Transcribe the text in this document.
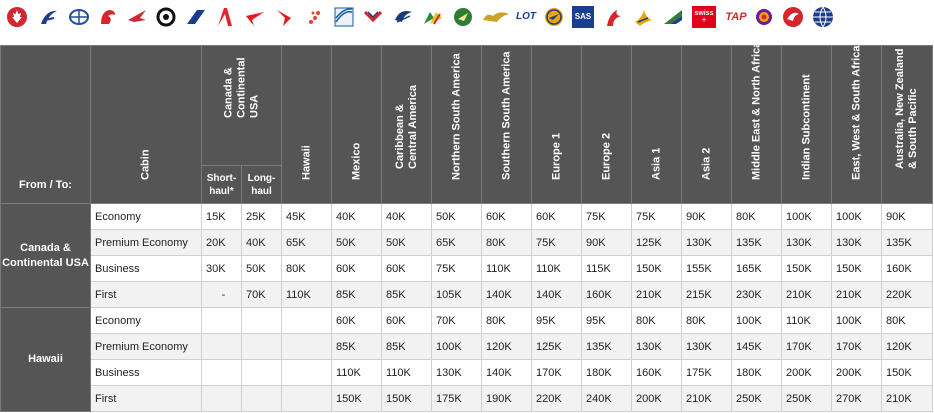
LOT	SAS	swiss
+ TAP
From / To:	Cabin	Canada & Continental USA		Hawaii	Mexico	Caribbean & Central America	Northern South America	Southern South America	Europe 1	Europe 2	Asia 1	Asia 2	Middle East & North Africa	Indian Subcontinent	East, West & South Africa	Australia, New Zealand & South Pacific

		Short-haul*	Long-haul													

Canada & Continental USA	Economy	15K	25K	45K	40K	40K	50K	60K	60K	75K	75K	90K	80K	100K	100K	90K
	Premium Economy	20K	40K	65K	50K	50K	65K	80K	75K	90K	125K	130K	135K	130K	130K	135K
	Business	30K	50K	80K	60K	60K	75K	110K	110K	115K	150K	155K	165K	150K	150K	160K
	First	-	70K	110K	85K	85K	105K	140K	140K	160K	210K	215K	230K	210K	210K	220K
Hawaii	Economy				60K	60K	70K	80K	95K	95K	80K	80K	100K	110K	100K	80K
	Premium Economy				85K	85K	100K	120K	125K	135K	130K	130K	145K	170K	170K	120K
	Business				110K	110K	130K	140K	170K	180K	160K	175K	180K	200K	200K	150K
	First				150K	150K	175K	190K	220K	240K	200K	210K	250K	250K	270K	210K
